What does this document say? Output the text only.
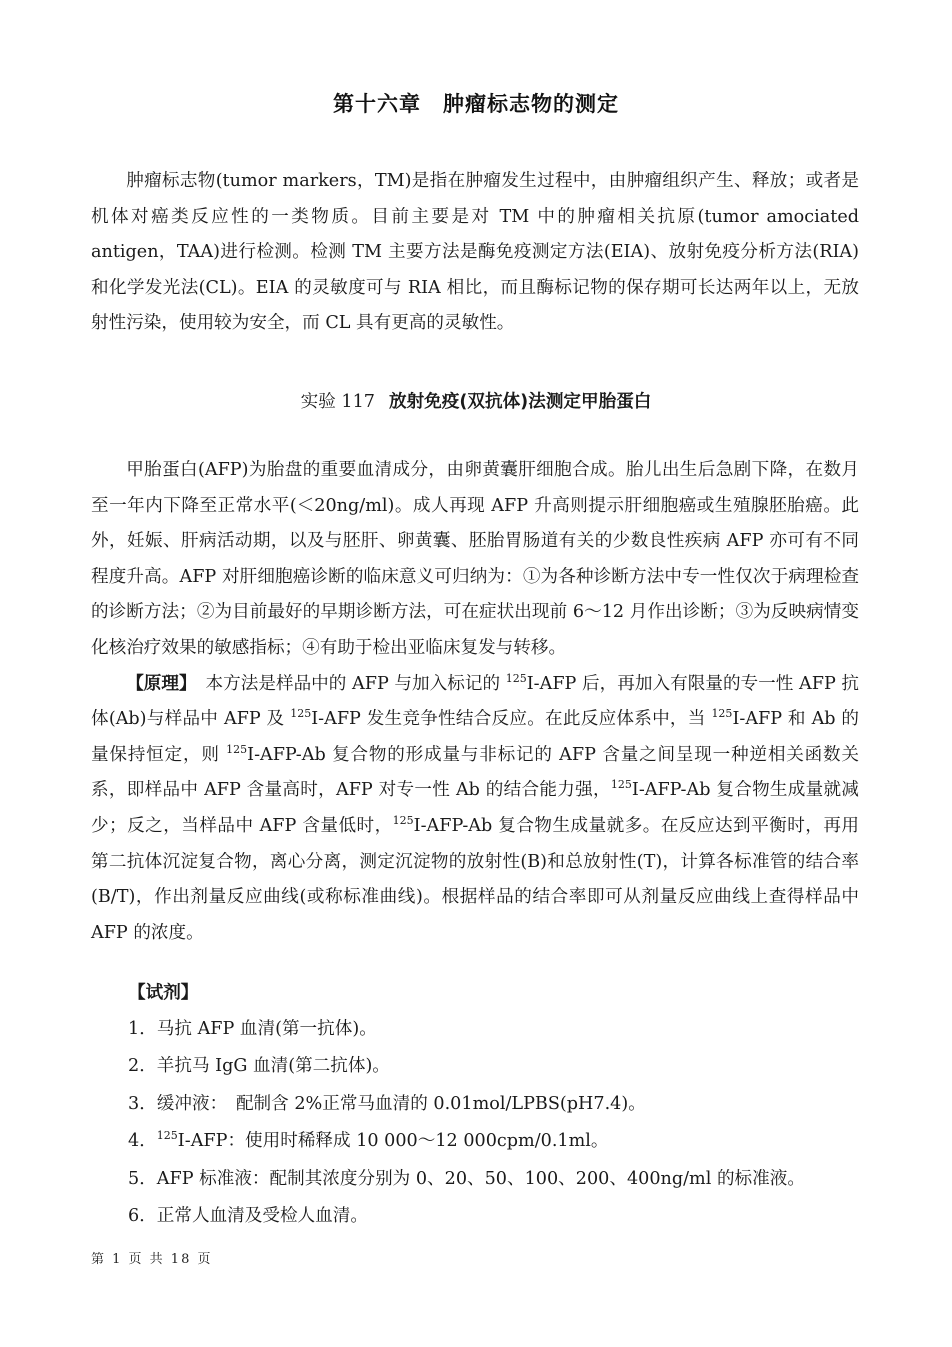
第十六章　肿瘤标志物的测定

肿瘤标志物(tumor markers，TM)是指在肿瘤发生过程中，由肿瘤组织产生、释放；或者是机体对癌类反应性的一类物质。目前主要是对 TM 中的肿瘤相关抗原(tumor amociated antigen，TAA)进行检测。检测 TM 主要方法是酶免疫测定方法(EIA)、放射免疫分析方法(RIA)和化学发光法(CL)。EIA 的灵敏度可与 RIA 相比，而且酶标记物的保存期可长达两年以上，无放射性污染，使用较为安全，而 CL 具有更高的灵敏性。

实验 117 放射免疫(双抗体)法测定甲胎蛋白

甲胎蛋白(AFP)为胎盘的重要血清成分，由卵黄囊肝细胞合成。胎儿出生后急剧下降，在数月至一年内下降至正常水平(＜20ng/ml)。成人再现 AFP 升高则提示肝细胞癌或生殖腺胚胎癌。此外，妊娠、肝病活动期，以及与胚肝、卵黄囊、胚胎胃肠道有关的少数良性疾病 AFP 亦可有不同程度升高。AFP 对肝细胞癌诊断的临床意义可归纳为：①为各种诊断方法中专一性仅次于病理检查的诊断方法；②为目前最好的早期诊断方法，可在症状出现前 6～12 月作出诊断；③为反映病情变化核治疗效果的敏感指标；④有助于检出亚临床复发与转移。

【原理】　本方法是样品中的 AFP 与加入标记的 $^{125}$I-AFP 后，再加入有限量的专一性 AFP 抗体(Ab)与样品中 AFP 及 $^{125}$I-AFP 发生竞争性结合反应。在此反应体系中，当 $^{125}$I-AFP 和 Ab 的量保持恒定，则 $^{125}$I-AFP-Ab 复合物的形成量与非标记的 AFP 含量之间呈现一种逆相关函数关系，即样品中 AFP 含量高时，AFP 对专一性 Ab 的结合能力强，$^{125}$I-AFP-Ab 复合物生成量就减少；反之，当样品中 AFP 含量低时，$^{125}$I-AFP-Ab 复合物生成量就多。在反应达到平衡时，再用第二抗体沉淀复合物，离心分离，测定沉淀物的放射性(B)和总放射性(T)，计算各标准管的结合率(B/T)，作出剂量反应曲线(或称标准曲线)。根据样品的结合率即可从剂量反应曲线上查得样品中 AFP 的浓度。

【试剂】
1．马抗 AFP 血清(第一抗体)。
2．羊抗马 IgG 血清(第二抗体)。
3．缓冲液：　配制含 2%正常马血清的 0.01mol/LPBS(pH7.4)。
4．$^{125}$I-AFP：使用时稀释成 10 000～12 000cpm/0.1ml。
5．AFP 标准液：配制其浓度分别为 0、20、50、100、200、400ng/ml 的标准液。
6．正常人血清及受检人血清。
第 1 页 共 18 页
